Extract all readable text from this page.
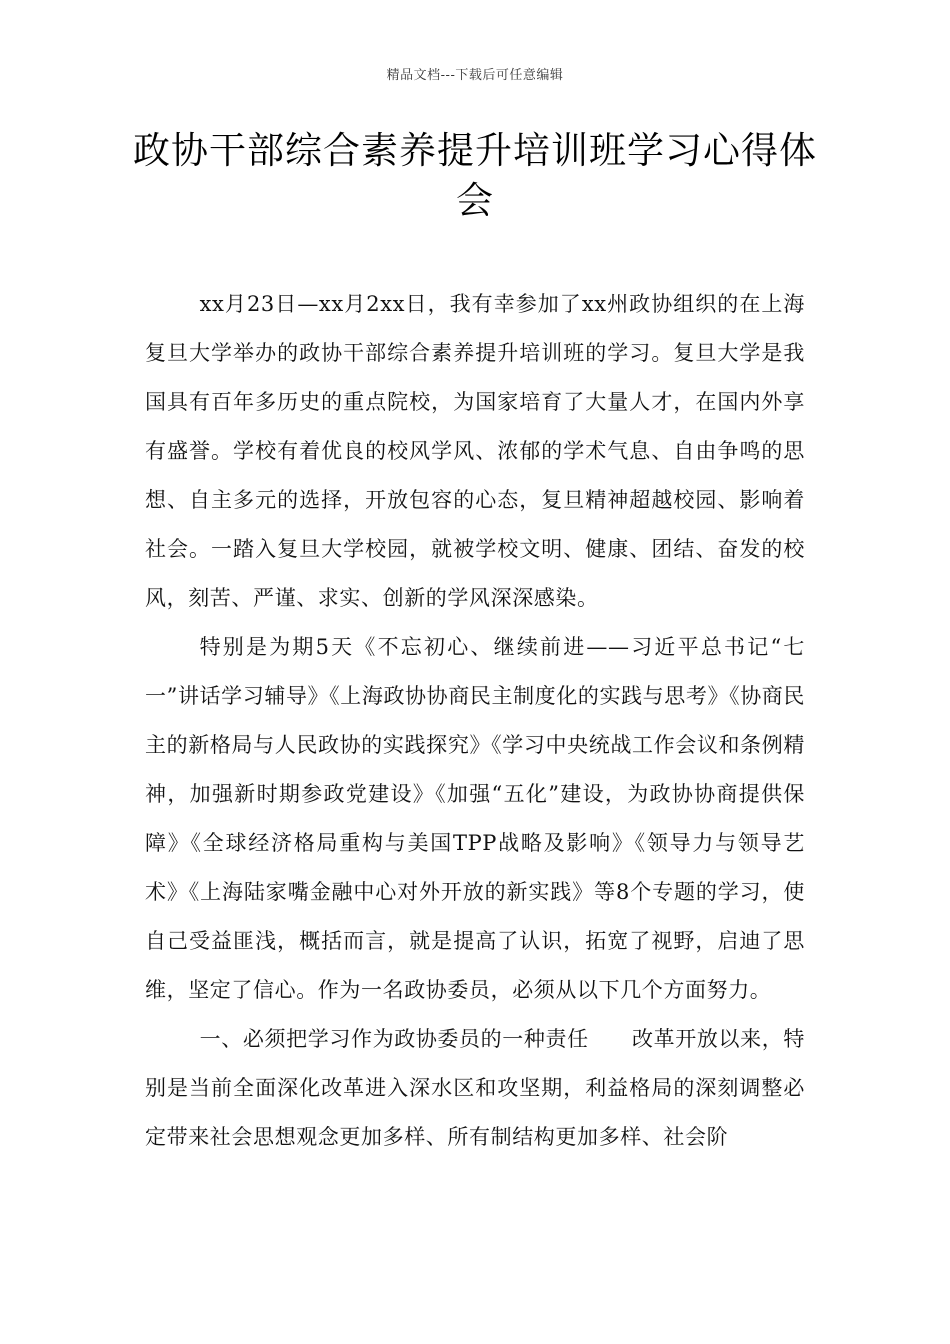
精品文档---下载后可任意编辑
政协干部综合素养提升培训班学习心得体会

xx月23日—xx月2xx日，我有幸参加了xx州政协组织的在上海复旦大学举办的政协干部综合素养提升培训班的学习。复旦大学是我国具有百年多历史的重点院校，为国家培育了大量人才，在国内外享有盛誉。学校有着优良的校风学风、浓郁的学术气息、自由争鸣的思想、自主多元的选择，开放包容的心态，复旦精神超越校园、影响着社会。一踏入复旦大学校园，就被学校文明、健康、团结、奋发的校风，刻苦、严谨、求实、创新的学风深深感染。

特别是为期5天《不忘初心、继续前进——习近平总书记“七一”讲话学习辅导》《上海政协协商民主制度化的实践与思考》《协商民主的新格局与人民政协的实践探究》《学习中央统战工作会议和条例精神，加强新时期参政党建设》《加强“五化”建设，为政协协商提供保障》《全球经济格局重构与美国TPP战略及影响》《领导力与领导艺术》《上海陆家嘴金融中心对外开放的新实践》等8个专题的学习，使自己受益匪浅，概括而言，就是提高了认识，拓宽了视野，启迪了思维，坚定了信心。作为一名政协委员，必须从以下几个方面努力。

一、必须把学习作为政协委员的一种责任　　改革开放以来，特别是当前全面深化改革进入深水区和攻坚期，利益格局的深刻调整必定带来社会思想观念更加多样、所有制结构更加多样、社会阶
